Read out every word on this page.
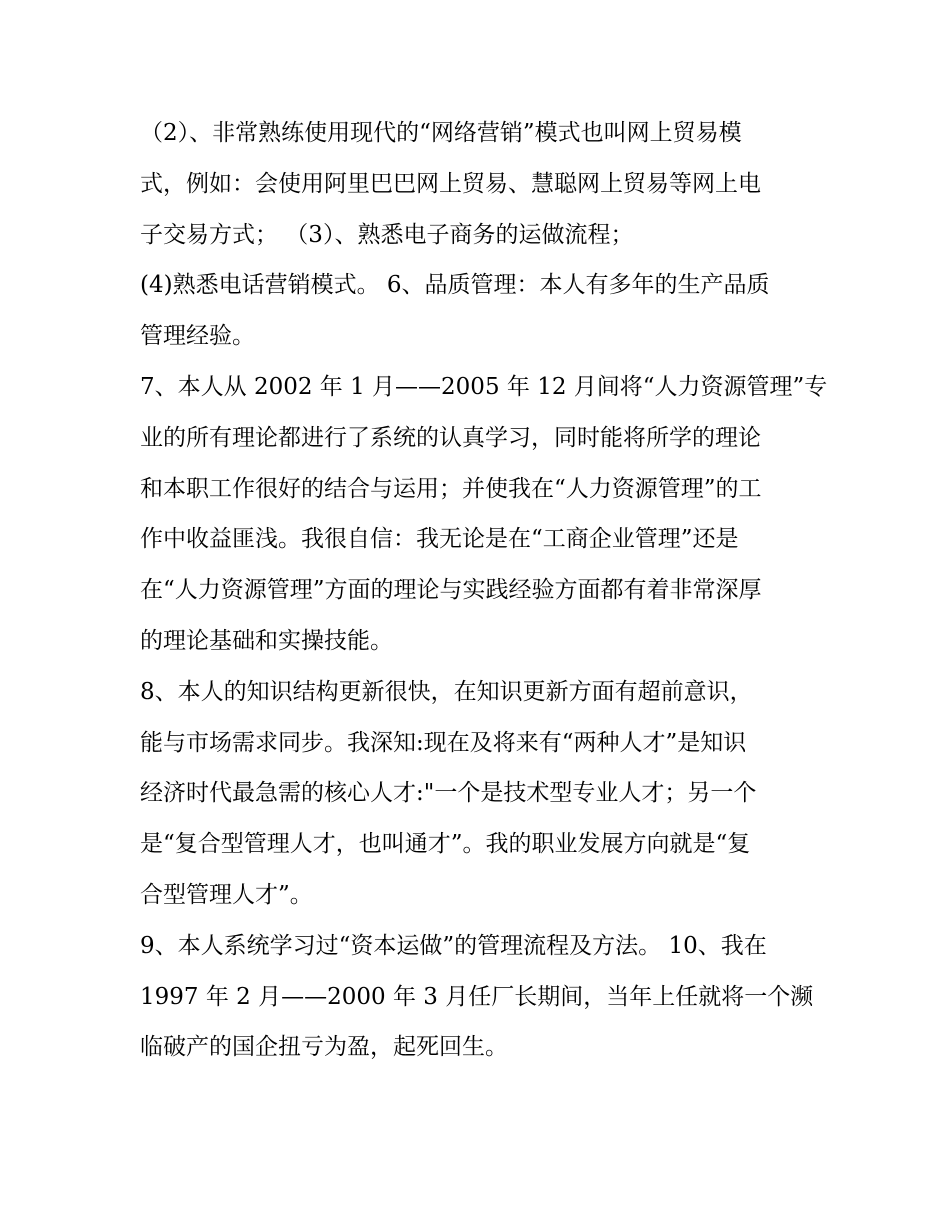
（2）、非常熟练使用现代的“网络营销”模式也叫网上贸易模
式，例如：会使用阿里巴巴网上贸易、慧聪网上贸易等网上电
子交易方式； （3）、熟悉电子商务的运做流程；
(4)熟悉电话营销模式。 6、品质管理：本人有多年的生产品质
管理经验。
7、本人从 2002 年 1 月——2005 年 12 月间将“人力资源管理”专
业的所有理论都进行了系统的认真学习，同时能将所学的理论
和本职工作很好的结合与运用；并使我在“人力资源管理”的工
作中收益匪浅。我很自信：我无论是在“工商企业管理”还是
在“人力资源管理”方面的理论与实践经验方面都有着非常深厚
的理论基础和实操技能。
8、本人的知识结构更新很快，在知识更新方面有超前意识，
能与市场需求同步。我深知:现在及将来有“两种人才”是知识
经济时代最急需的核心人才:"一个是技术型专业人才；另一个
是“复合型管理人才，也叫通才”。我的职业发展方向就是“复
合型管理人才”。
9、本人系统学习过“资本运做”的管理流程及方法。 10、我在
1997 年 2 月——2000 年 3 月任厂长期间，当年上任就将一个濒
临破产的国企扭亏为盈，起死回生。
